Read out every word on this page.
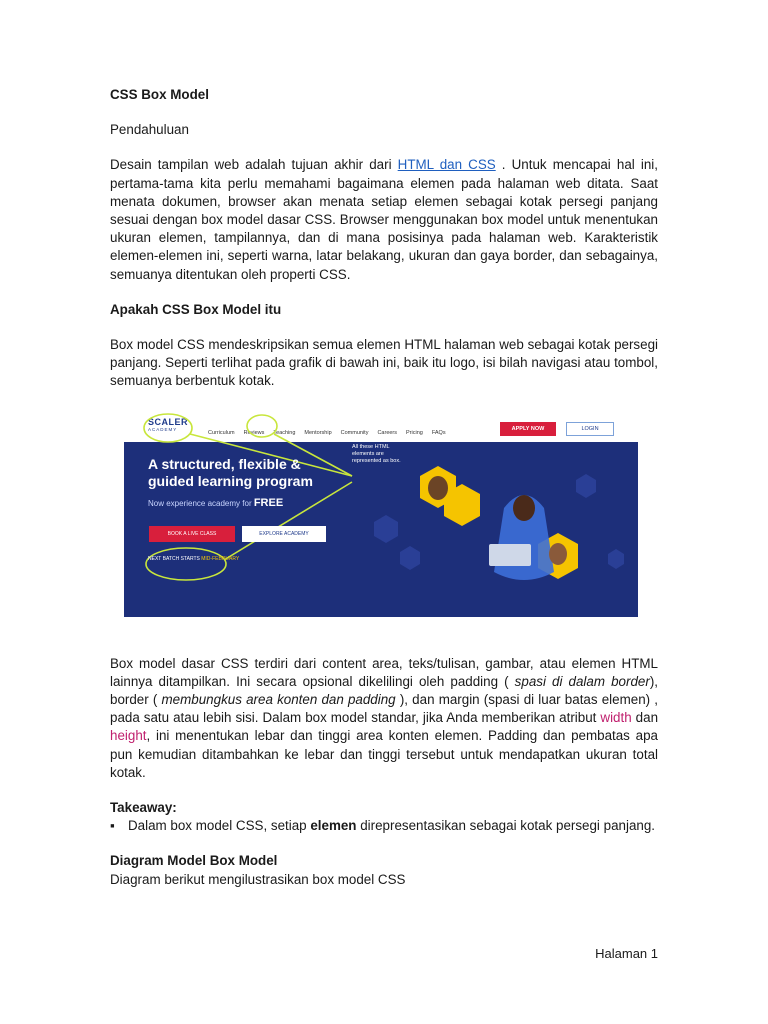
CSS Box Model

Pendahuluan

Desain tampilan web adalah tujuan akhir dari HTML dan CSS . Untuk mencapai hal ini, pertama-tama kita perlu memahami bagaimana elemen pada halaman web ditata. Saat menata dokumen, browser akan menata setiap elemen sebagai kotak persegi panjang sesuai dengan box model dasar CSS. Browser menggunakan box model untuk menentukan ukuran elemen, tampilannya, dan di mana posisinya pada halaman web. Karakteristik elemen-elemen ini, seperti warna, latar belakang, ukuran dan gaya border, dan sebagainya, semuanya ditentukan oleh properti CSS.

Apakah CSS Box Model itu

Box model CSS mendeskripsikan semua elemen HTML halaman web sebagai kotak persegi panjang. Seperti terlihat pada grafik di bawah ini, baik itu logo, isi bilah navigasi atau tombol, semuanya berbentuk kotak.

SCALER
ACADEMY
Curriculum Reviews Teaching Mentorship Community Careers Pricing FAQs
APPLY NOW	LOGIN
A structured, flexible &
guided learning program
Now experience academy for FREE
BOOK A LIVE CLASS	EXPLORE ACADEMY
NEXT BATCH STARTS MID-FEBRUARY
All these HTML
elements are
represented as box.

Box model dasar CSS terdiri dari content area, teks/tulisan, gambar, atau elemen HTML lainnya ditampilkan. Ini secara opsional dikelilingi oleh padding ( spasi di dalam border), border ( membungkus area konten dan padding ), dan margin (spasi di luar batas elemen) , pada satu atau lebih sisi. Dalam box model standar, jika Anda memberikan atribut width dan height, ini menentukan lebar dan tinggi area konten elemen. Padding dan pembatas apa pun kemudian ditambahkan ke lebar dan tinggi tersebut untuk mendapatkan ukuran total kotak.

Takeaway:

▪ Dalam box model CSS, setiap elemen direpresentasikan sebagai kotak persegi panjang.

Diagram Model Box Model

Diagram berikut mengilustrasikan box model CSS

Halaman 1
